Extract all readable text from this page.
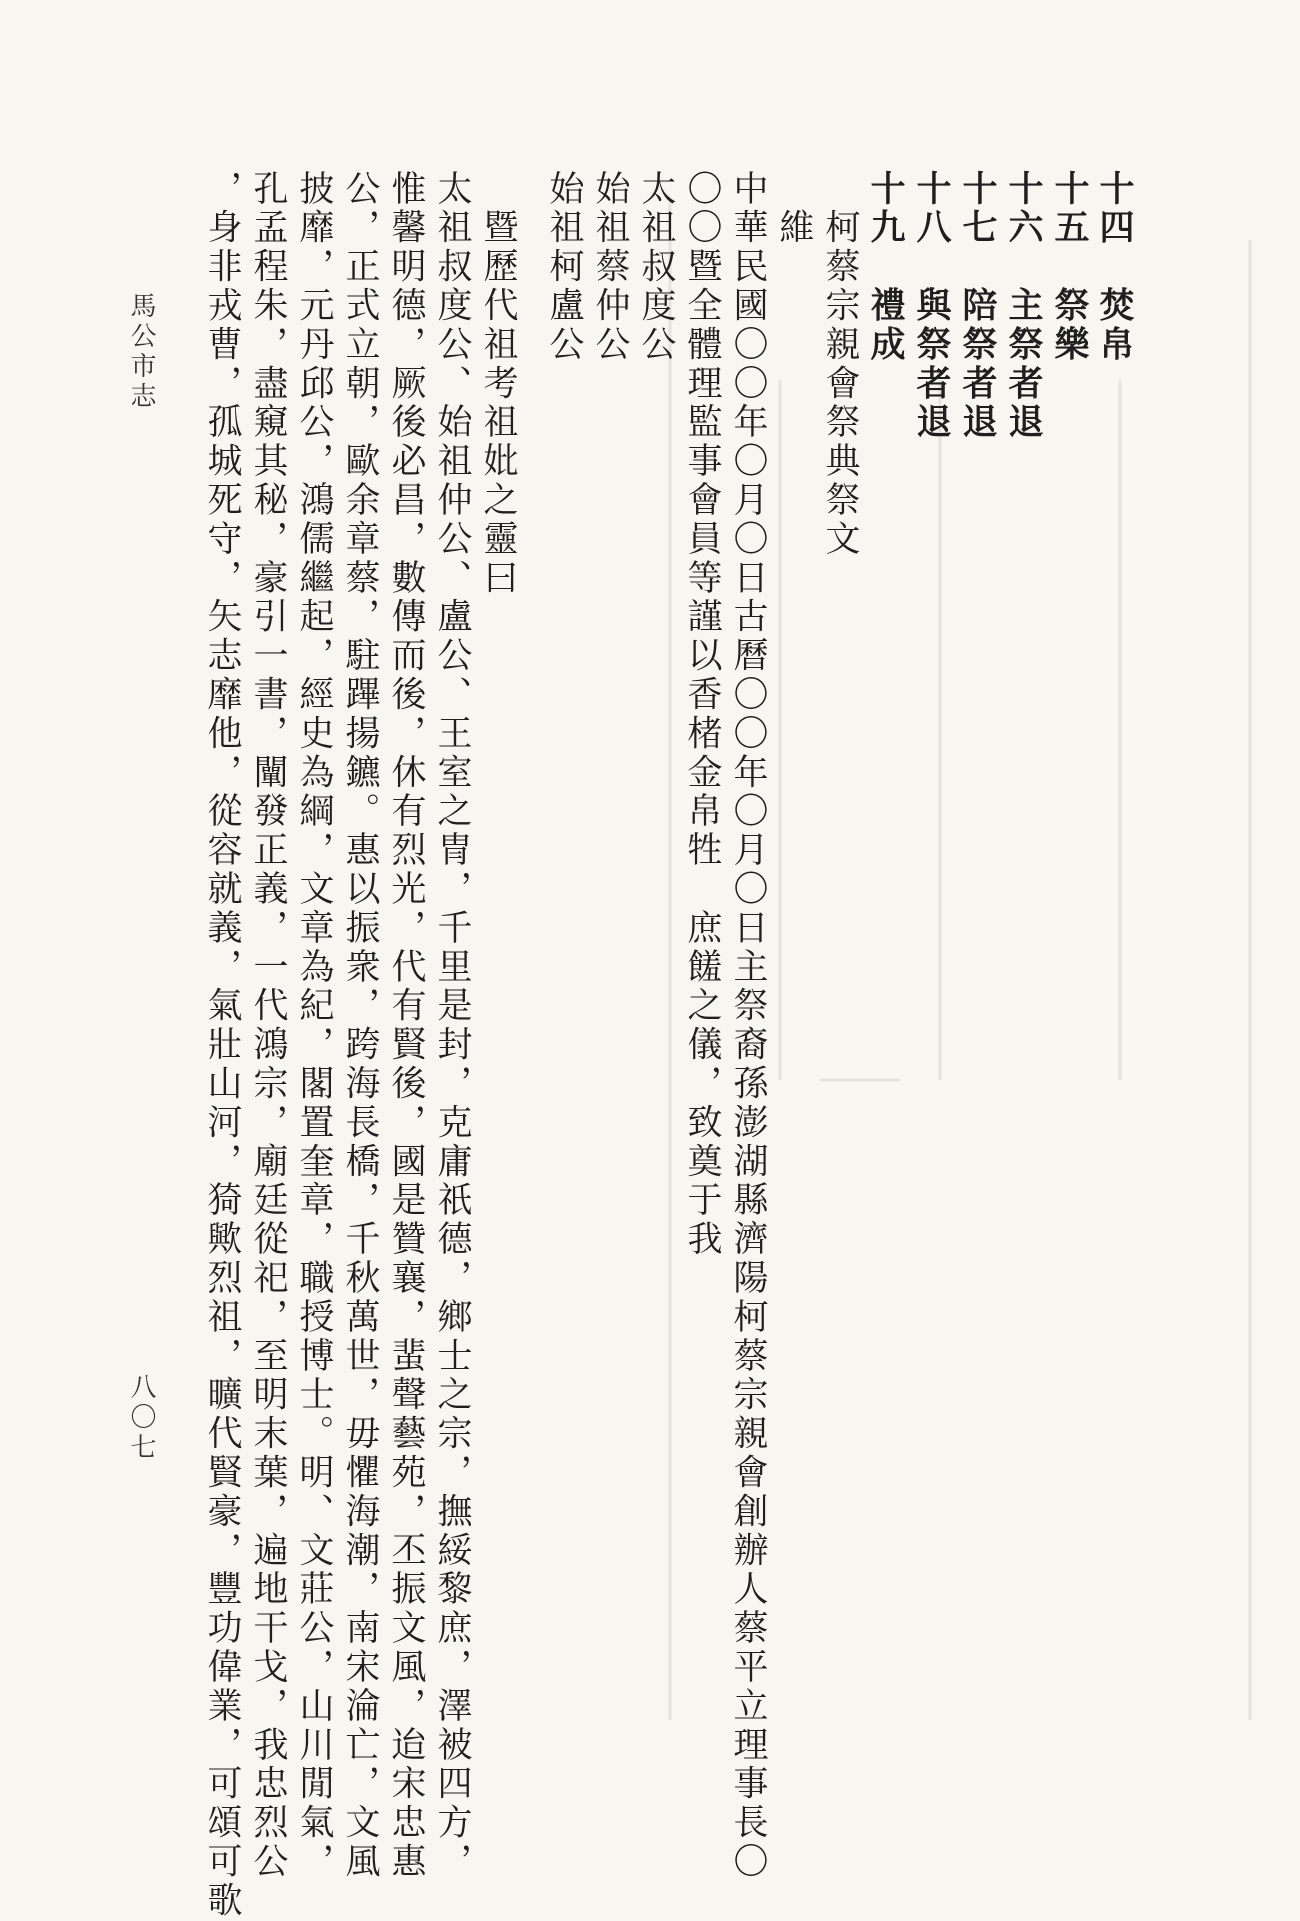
十四　焚帛
十五　祭樂
十六　主祭者退
十七　陪祭者退
十八　與祭者退
十九　禮成
　柯蔡宗親會祭典祭文
　維
中華民國〇〇年〇月〇日古曆〇〇年〇月〇日主祭裔孫澎湖縣濟陽柯蔡宗親會創辦人蔡平立理事長〇
〇〇暨全體理監事會員等謹以香楮金帛牲　庶饈之儀，致奠于我
太祖叔度公
始祖蔡仲公
始祖柯盧公
　暨歷代祖考祖妣之靈曰
太祖叔度公、始祖仲公、盧公、王室之冑，千里是封，克庸祇德，鄉士之宗，撫綏黎庶，澤被四方，
惟馨明德，厥後必昌，數傳而後，休有烈光，代有賢後，國是贊襄，蜚聲藝苑，丕振文風，迨宋忠惠
公，正式立朝，歐余章蔡，駐蹕揚鑣。惠以振衆，跨海長橋，千秋萬世，毋懼海潮，南宋淪亡，文風
披靡，元丹邱公，鴻儒繼起，經史為綱，文章為紀，閣置奎章，職授博士。明、文莊公，山川閒氣，
孔孟程朱，盡窺其秘，豪引一書，闡發正義，一代鴻宗，廟廷從祀，至明末葉，遍地干戈，我忠烈公
，身非戎曹，孤城死守，矢志靡他，從容就義，氣壯山河，猗歟烈祖，曠代賢豪，豐功偉業，可頌可歌
馬公市志
八〇七
